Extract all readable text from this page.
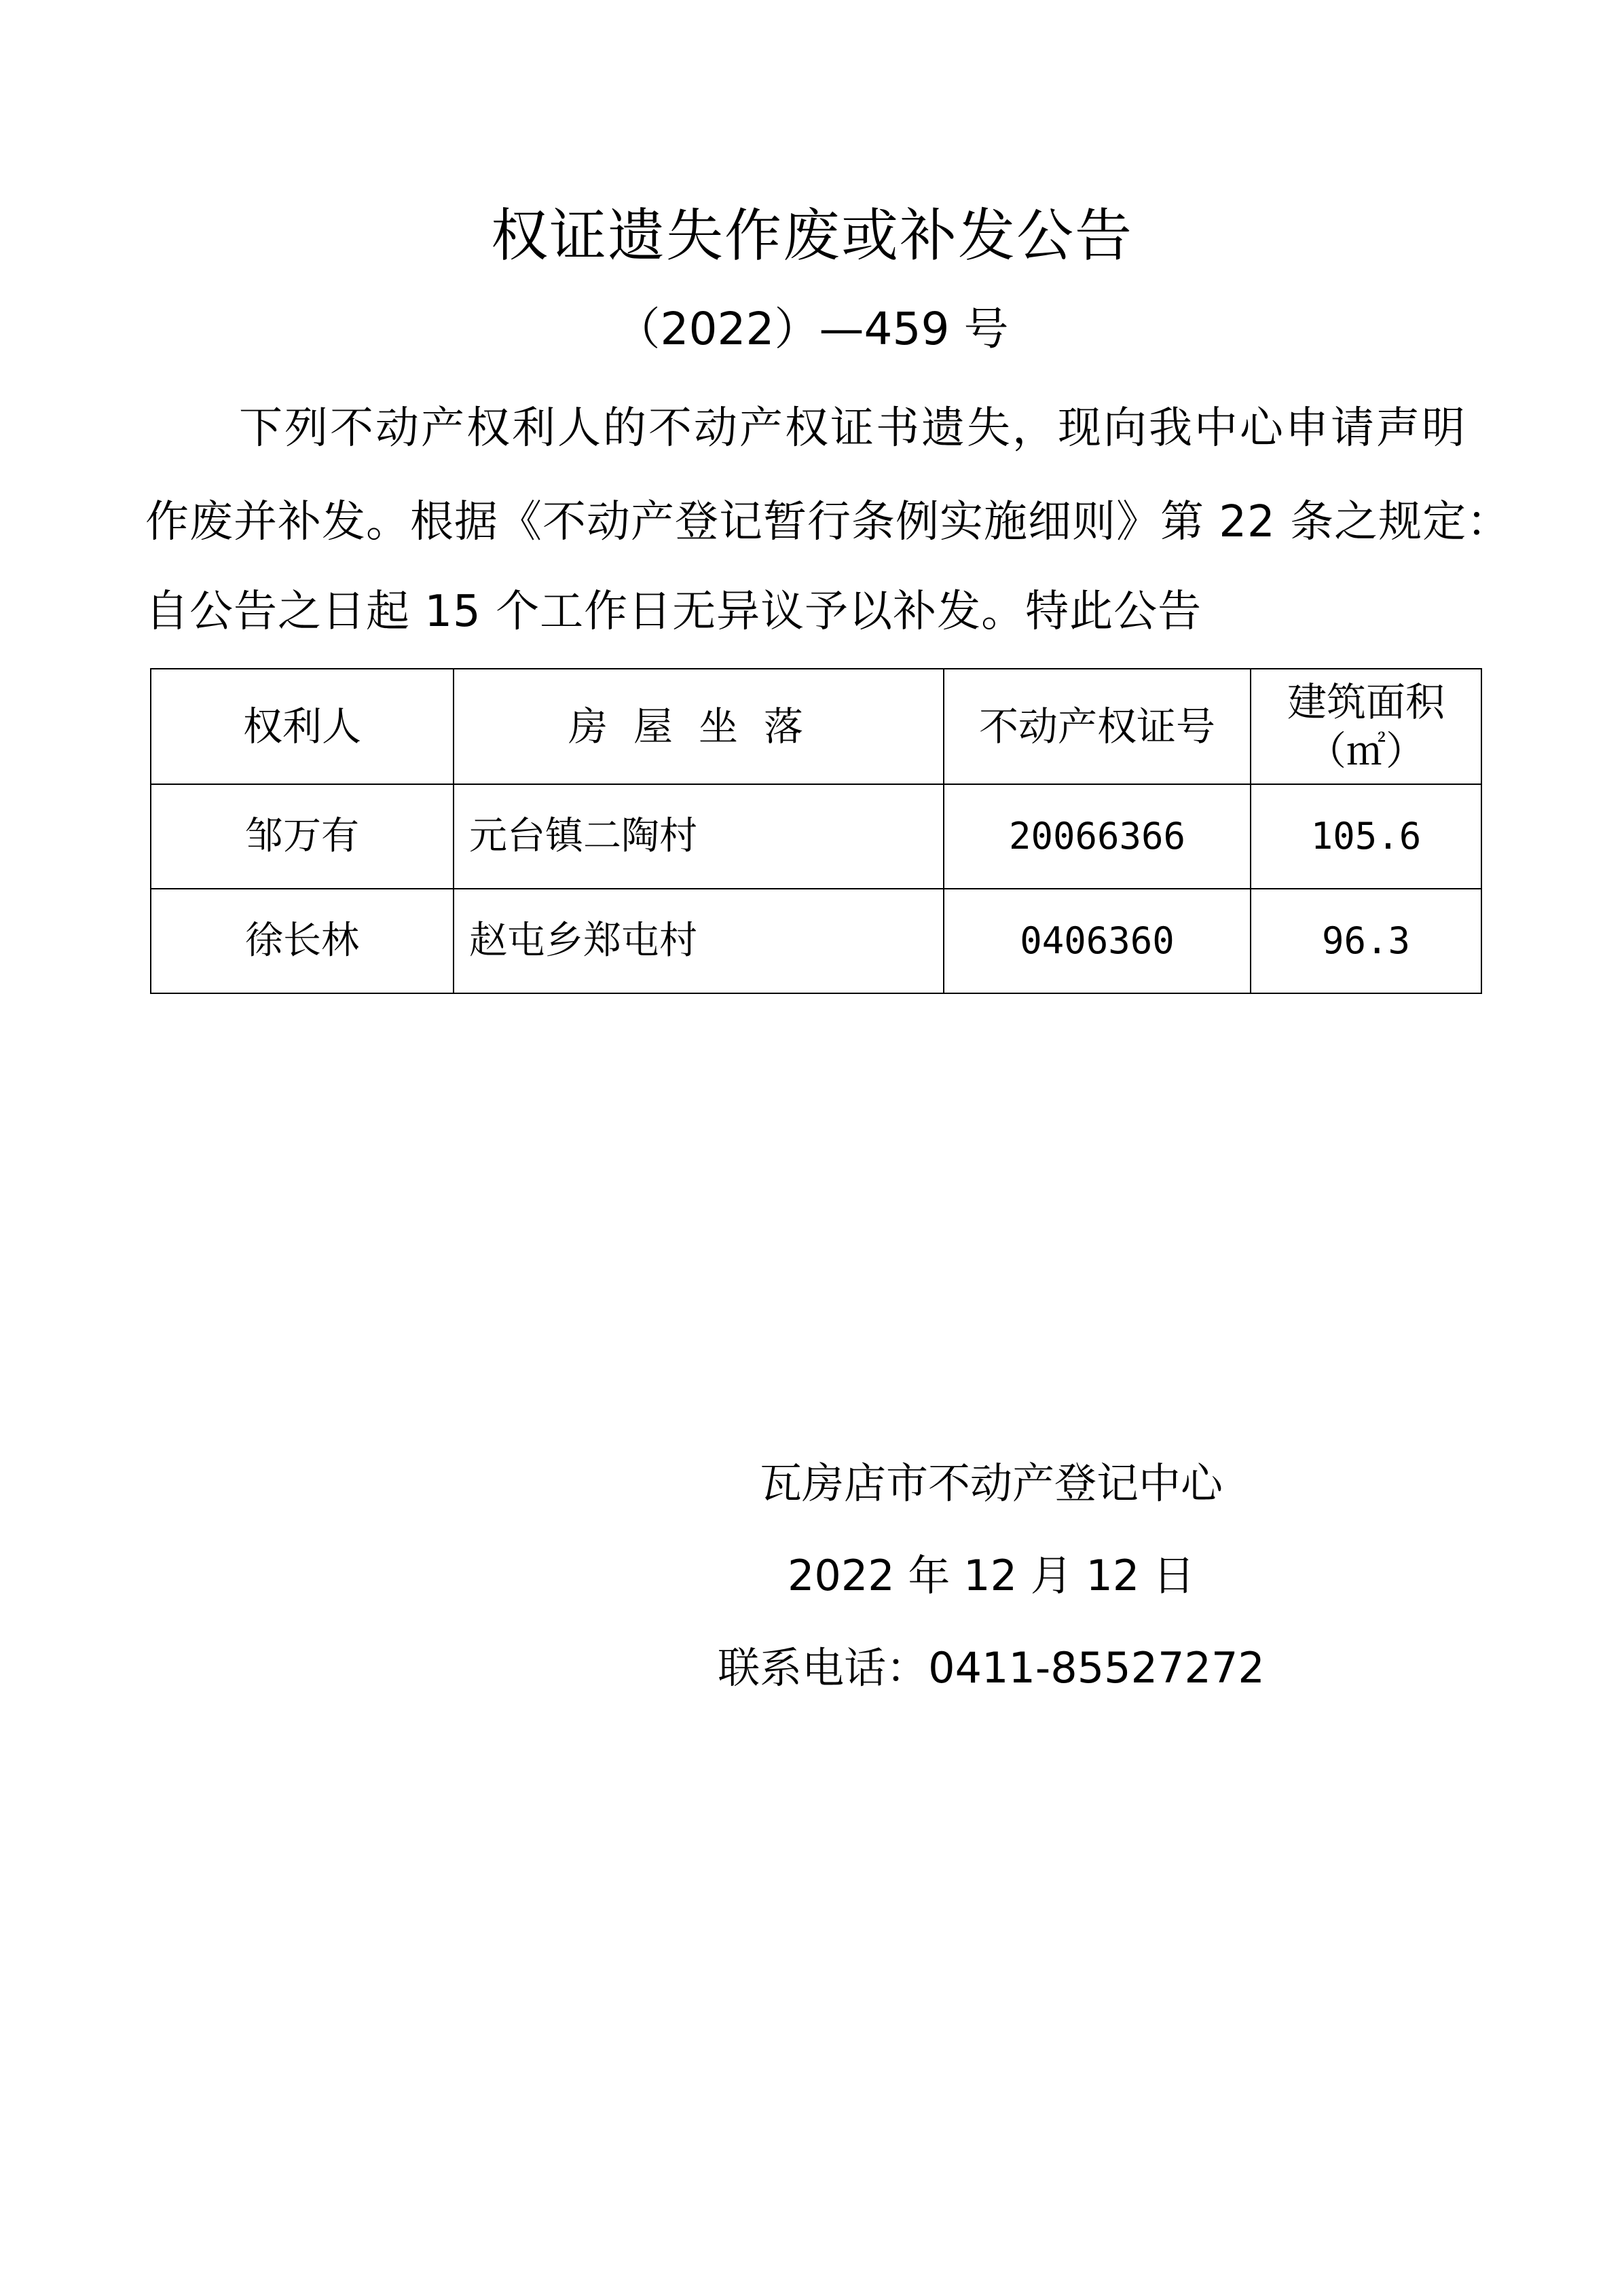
权证遗失作废或补发公告

（2022）—459 号

下列不动产权利人的不动产权证书遗失，现向我中心申请声明

作废并补发。根据《不动产登记暂行条例实施细则》第 22 条之规定：

自公告之日起 15 个工作日无异议予以补发。特此公告

权利人	房屋坐落	不动产权证号	建筑面积
（㎡）

邹万有	元台镇二陶村	20066366	105.6
徐长林	赵屯乡郑屯村	0406360	96.3

瓦房店市不动产登记中心

2022 年 12 月 12 日

联系电话：0411-85527272
